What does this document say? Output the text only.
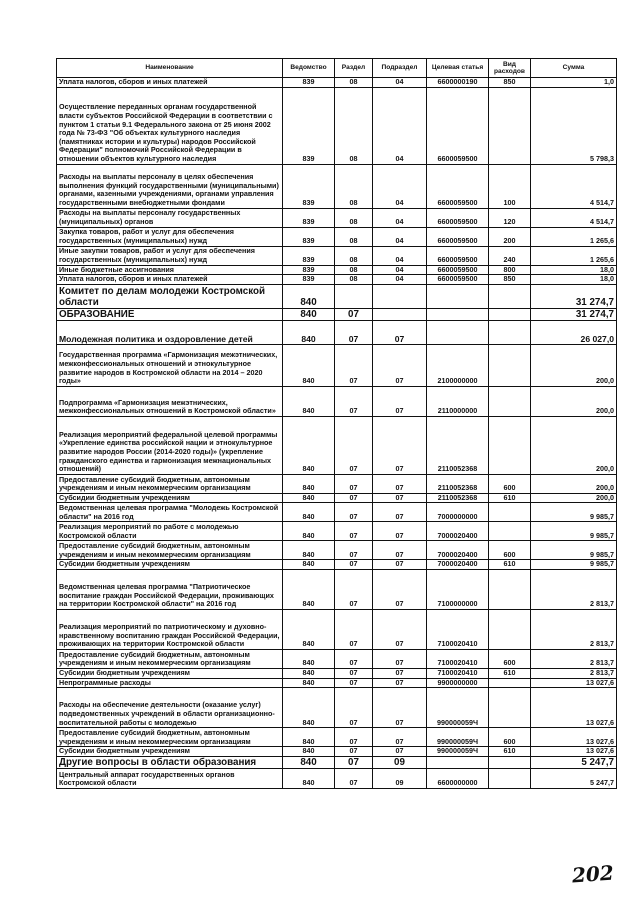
Наименование	Ведомство	Раздел	Подраздел	Целевая статья	Вид расходов	Сумма
Уплата налогов, сборов и иных платежей	839	08	04	6600000190	850	1,0
Осуществление переданных органам государственной власти субъектов Российской Федерации в соответствии с пунктом 1 статьи 9.1 Федерального закона от 25 июня 2002 года № 73-ФЗ "Об объектах культурного наследия (памятниках истории и культуры) народов Российской Федерации" полномочий Российской Федерации в отношении объектов культурного наследия	839	08	04	6600059500		5 798,3
Расходы на выплаты персоналу в целях обеспечения выполнения функций государственными (муниципальными) органами, казенными учреждениями, органами управления государственными внебюджетными фондами	839	08	04	6600059500	100	4 514,7
Расходы на выплаты персоналу государственных (муниципальных) органов	839	08	04	6600059500	120	4 514,7
Закупка товаров, работ и услуг для обеспечения государственных (муниципальных) нужд	839	08	04	6600059500	200	1 265,6
Иные закупки товаров, работ и услуг для обеспечения государственных (муниципальных) нужд	839	08	04	6600059500	240	1 265,6
Иные бюджетные ассигнования	839	08	04	6600059500	800	18,0
Уплата налогов, сборов и иных платежей	839	08	04	6600059500	850	18,0
Комитет по делам молодежи Костромской области	840					31 274,7
ОБРАЗОВАНИЕ	840	07				31 274,7
Молодежная политика и оздоровление детей	840	07	07			26 027,0
Государственная программа «Гармонизация межэтнических, межконфессиональных отношений и этнокультурное развитие народов в Костромской области на 2014 – 2020 годы»	840	07	07	2100000000		200,0
Подпрограмма «Гармонизация межэтнических, межконфессиональных отношений в Костромской области»	840	07	07	2110000000		200,0
Реализация мероприятий федеральной целевой программы «Укрепление единства российской нации и этнокультурное развитие народов России (2014-2020 годы)» (укрепление гражданского единства и гармонизация межнациональных отношений)	840	07	07	2110052368		200,0
Предоставление субсидий бюджетным, автономным учреждениям и иным некоммерческим организациям	840	07	07	2110052368	600	200,0
Субсидии бюджетным учреждениям	840	07	07	2110052368	610	200,0
Ведомственная целевая программа "Молодежь Костромской области" на 2016 год	840	07	07	7000000000		9 985,7
Реализация мероприятий по работе с молодежью Костромской области	840	07	07	7000020400		9 985,7
Предоставление субсидий бюджетным, автономным учреждениям и иным некоммерческим организациям	840	07	07	7000020400	600	9 985,7
Субсидии бюджетным учреждениям	840	07	07	7000020400	610	9 985,7
Ведомственная целевая программа "Патриотическое воспитание граждан Российской Федерации, проживающих на территории Костромской области" на 2016 год	840	07	07	7100000000		2 813,7
Реализация мероприятий по патриотическому и духовно-нравственному воспитанию граждан Российской Федерации, проживающих на территории Костромской области	840	07	07	7100020410		2 813,7
Предоставление субсидий бюджетным, автономным учреждениям и иным некоммерческим организациям	840	07	07	7100020410	600	2 813,7
Субсидии бюджетным учреждениям	840	07	07	7100020410	610	2 813,7
Непрограммные расходы	840	07	07	9900000000		13 027,6
Расходы на обеспечение деятельности (оказание услуг) подведомственных учреждений в области организационно-воспитательной работы с молодежью	840	07	07	990000059Ч		13 027,6
Предоставление субсидий бюджетным, автономным учреждениям и иным некоммерческим организациям	840	07	07	990000059Ч	600	13 027,6
Субсидии бюджетным учреждениям	840	07	07	990000059Ч	610	13 027,6
Другие вопросы в области образования	840	07	09			5 247,7
Центральный аппарат государственных органов Костромской области	840	07	09	6600000000		5 247,7
202
